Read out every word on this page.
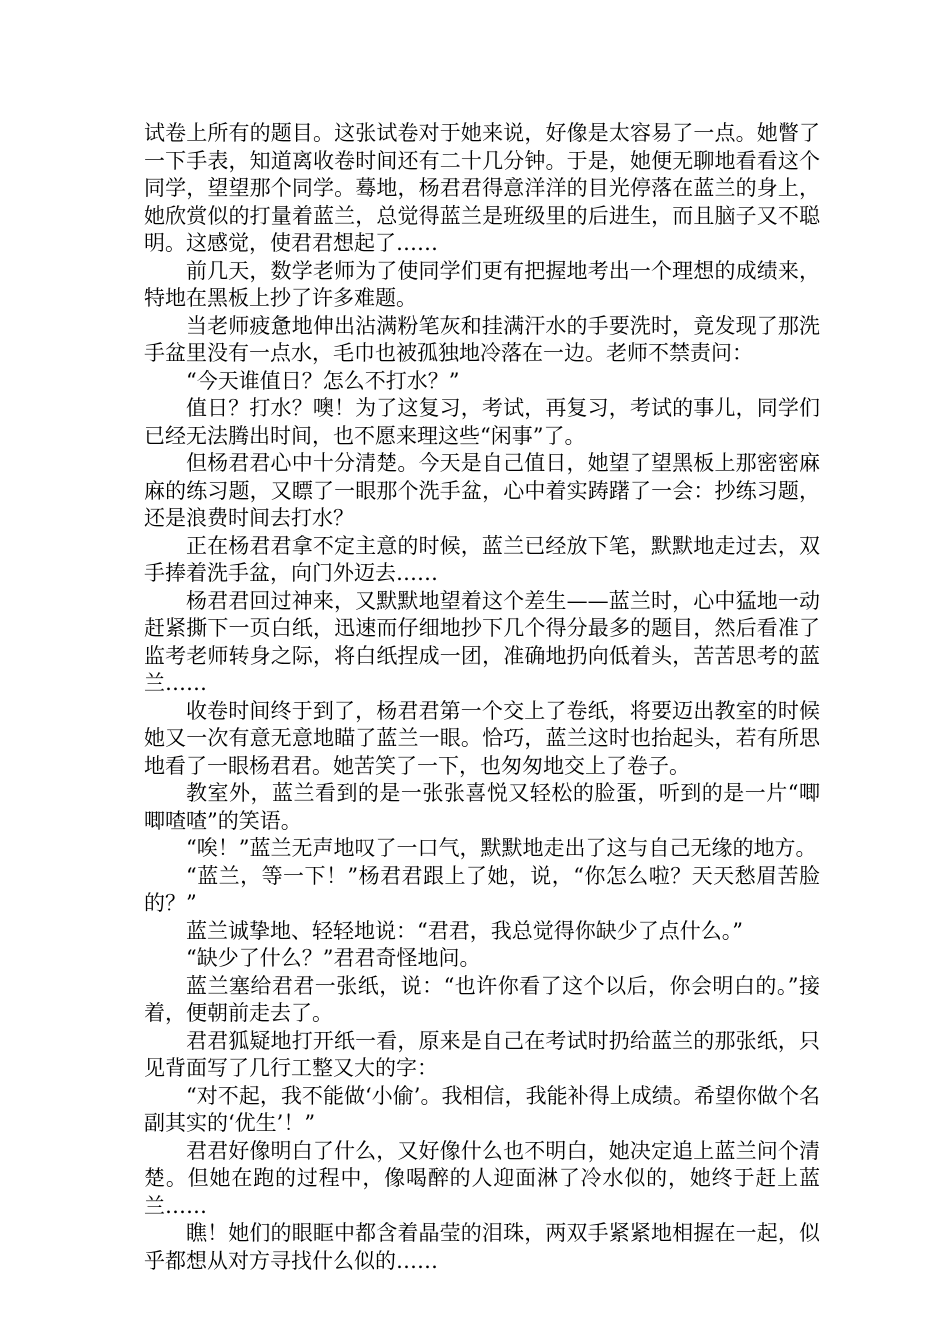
试卷上所有的题目。这张试卷对于她来说，好像是太容易了一点。她瞥了一下手表，知道离收卷时间还有二十几分钟。于是，她便无聊地看看这个同学，望望那个同学。蓦地，杨君君得意洋洋的目光停落在蓝兰的身上，她欣赏似的打量着蓝兰，总觉得蓝兰是班级里的后进生，而且脑子又不聪明。这感觉，使君君想起了……

前几天，数学老师为了使同学们更有把握地考出一个理想的成绩来，特地在黑板上抄了许多难题。

当老师疲惫地伸出沾满粉笔灰和挂满汗水的手要洗时，竟发现了那洗手盆里没有一点水，毛巾也被孤独地冷落在一边。老师不禁责问：

“今天谁值日？怎么不打水？”

值日？打水？噢！为了这复习，考试，再复习，考试的事儿，同学们已经无法腾出时间，也不愿来理这些“闲事”了。

但杨君君心中十分清楚。今天是自己值日，她望了望黑板上那密密麻麻的练习题，又瞟了一眼那个洗手盆，心中着实踌躇了一会：抄练习题，还是浪费时间去打水？

正在杨君君拿不定主意的时候，蓝兰已经放下笔，默默地走过去，双手捧着洗手盆，向门外迈去……

杨君君回过神来，又默默地望着这个差生——蓝兰时，心中猛地一动赶紧撕下一页白纸，迅速而仔细地抄下几个得分最多的题目，然后看准了监考老师转身之际，将白纸捏成一团，准确地扔向低着头，苦苦思考的蓝兰……

收卷时间终于到了，杨君君第一个交上了卷纸，将要迈出教室的时候她又一次有意无意地瞄了蓝兰一眼。恰巧，蓝兰这时也抬起头，若有所思地看了一眼杨君君。她苦笑了一下，也匆匆地交上了卷子。

教室外，蓝兰看到的是一张张喜悦又轻松的脸蛋，听到的是一片“唧唧喳喳”的笑语。

“唉！”蓝兰无声地叹了一口气，默默地走出了这与自己无缘的地方。

“蓝兰，等一下！”杨君君跟上了她，说，“你怎么啦？天天愁眉苦脸的？”

蓝兰诚挚地、轻轻地说：“君君，我总觉得你缺少了点什么。”

“缺少了什么？”君君奇怪地问。

蓝兰塞给君君一张纸，说：“也许你看了这个以后，你会明白的。”接着，便朝前走去了。

君君狐疑地打开纸一看，原来是自己在考试时扔给蓝兰的那张纸，只见背面写了几行工整又大的字：

“对不起，我不能做‘小偷’。我相信，我能补得上成绩。希望你做个名副其实的‘优生’！”

君君好像明白了什么，又好像什么也不明白，她决定追上蓝兰问个清楚。但她在跑的过程中，像喝醉的人迎面淋了冷水似的，她终于赶上蓝兰……

瞧！她们的眼眶中都含着晶莹的泪珠，两双手紧紧地相握在一起，似乎都想从对方寻找什么似的……
